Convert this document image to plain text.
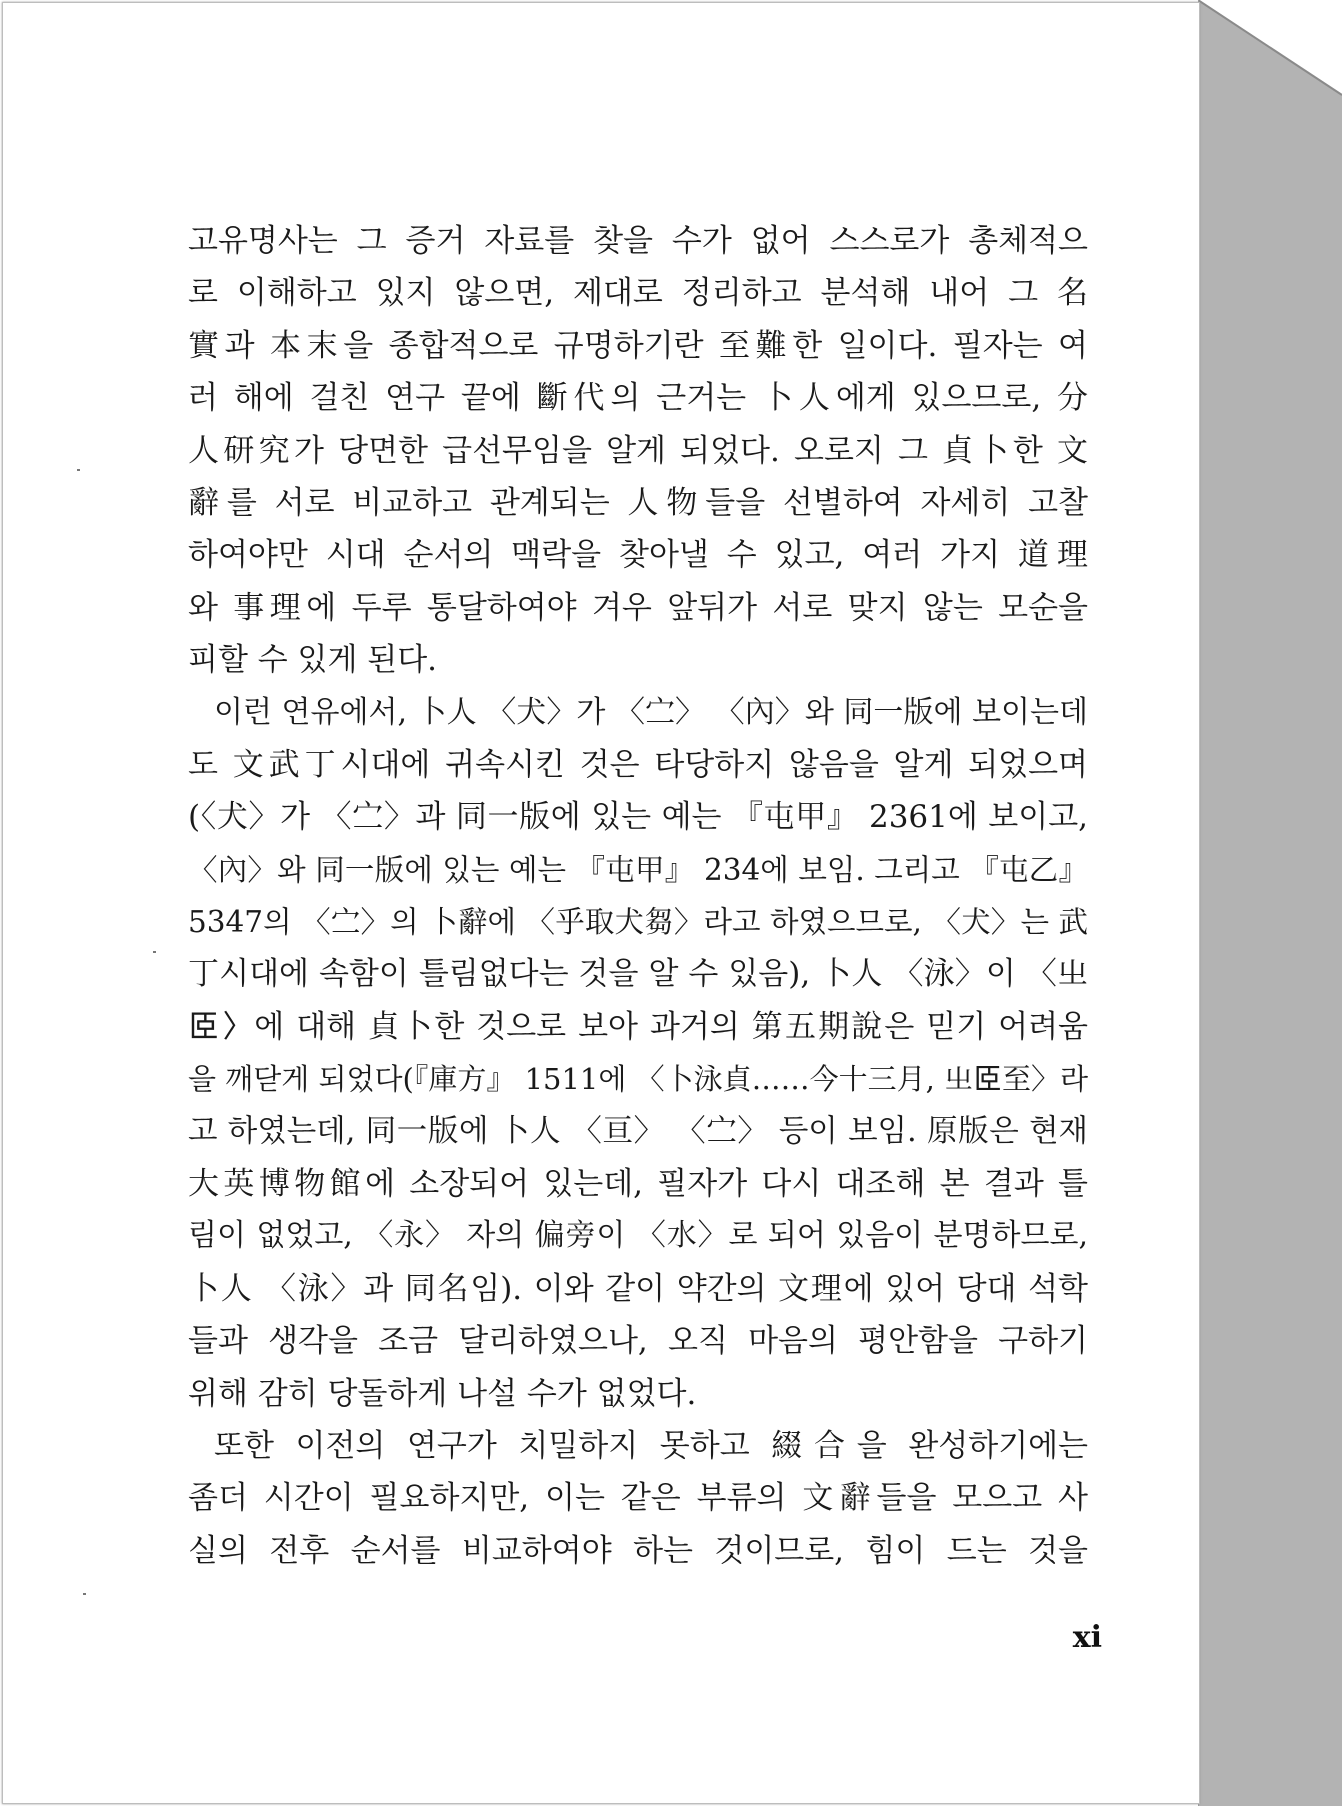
고유명사는 그 증거 자료를 찾을 수가 없어 스스로가 총체적으
로 이해하고 있지 않으면, 제대로 정리하고 분석해 내어 그 名
實과 本末을 종합적으로 규명하기란 至難한 일이다. 필자는 여
러 해에 걸친 연구 끝에 斷代의 근거는 卜人에게 있으므로, 分
人研究가 당면한 급선무임을 알게 되었다. 오로지 그 貞卜한 文
辭를 서로 비교하고 관계되는 人物들을 선별하여 자세히 고찰
하여야만 시대 순서의 맥락을 찾아낼 수 있고, 여러 가지 道理
와 事理에 두루 통달하여야 겨우 앞뒤가 서로 맞지 않는 모순을
피할 수 있게 된다.
이런 연유에서, 卜人 〈犬〉가 〈㝉〉 〈內〉와 同一版에 보이는데
도 文武丁시대에 귀속시킨 것은 타당하지 않음을 알게 되었으며
(〈犬〉가 〈㝉〉과 同一版에 있는 예는 『屯甲』 2361에 보이고,
〈內〉와 同一版에 있는 예는 『屯甲』 234에 보임. 그리고 『屯乙』
5347의 〈㝉〉의 卜辭에 〈乎取犬芻〉라고 하였으므로, 〈犬〉는 武
丁시대에 속함이 틀림없다는 것을 알 수 있음), 卜人 〈泳〉이 〈㞢
𦣞〉에 대해 貞卜한 것으로 보아 과거의 第五期說은 믿기 어려움
을 깨닫게 되었다(『庫方』 1511에 〈卜泳貞……今十三月, 㞢𦣞至〉라
고 하였는데, 同一版에 卜人 〈亘〉 〈㝉〉 등이 보임. 原版은 현재
大英博物館에 소장되어 있는데, 필자가 다시 대조해 본 결과 틀
림이 없었고, 〈永〉 자의 偏旁이 〈水〉로 되어 있음이 분명하므로,
卜人 〈泳〉과 同名임). 이와 같이 약간의 文理에 있어 당대 석학
들과 생각을 조금 달리하였으나, 오직 마음의 평안함을 구하기
위해 감히 당돌하게 나설 수가 없었다.
또한 이전의 연구가 치밀하지 못하고 綴合을 완성하기에는
좀더 시간이 필요하지만, 이는 같은 부류의 文辭들을 모으고 사
실의 전후 순서를 비교하여야 하는 것이므로, 힘이 드는 것을
xi
